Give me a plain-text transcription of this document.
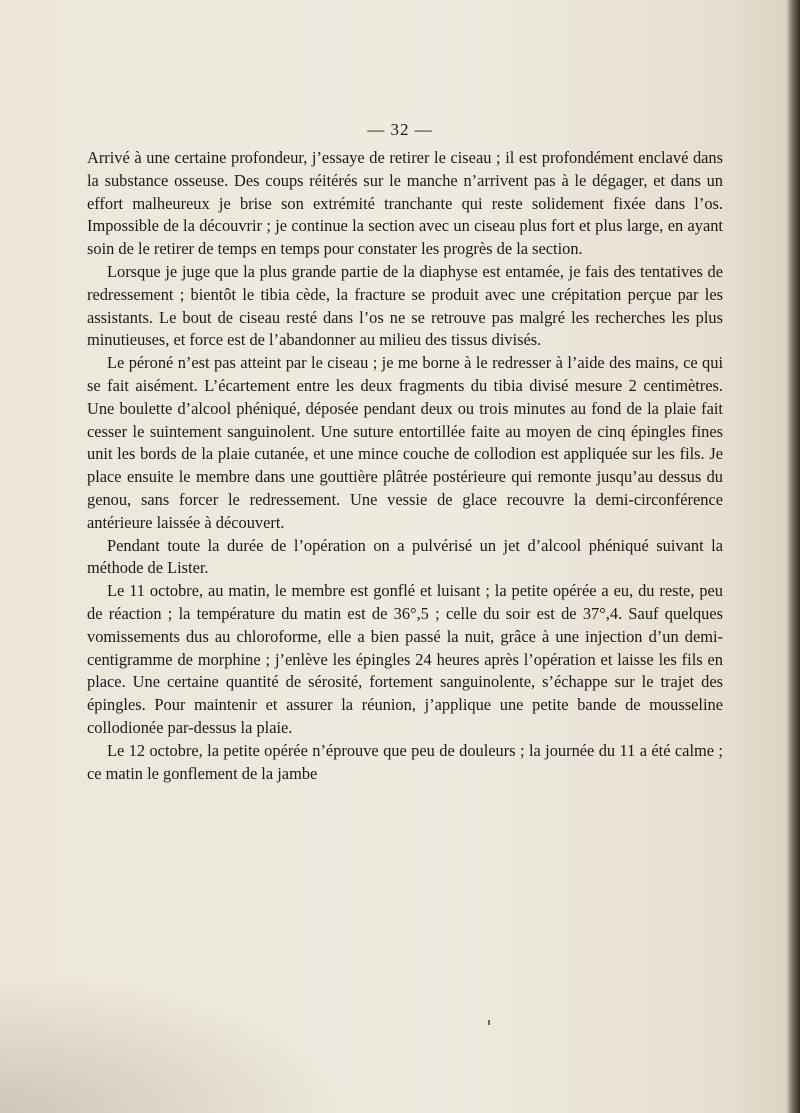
— 32 —

Arrivé à une certaine profondeur, j’essaye de retirer le ciseau ; il est profondément enclavé dans la substance osseuse. Des coups réitérés sur le manche n’arrivent pas à le dégager, et dans un effort malheureux je brise son extrémité tranchante qui reste solidement fixée dans l’os. Impossible de la découvrir ; je continue la section avec un ciseau plus fort et plus large, en ayant soin de le retirer de temps en temps pour constater les progrès de la section.

Lorsque je juge que la plus grande partie de la diaphyse est entamée, je fais des tentatives de redressement ; bientôt le tibia cède, la fracture se produit avec une crépitation perçue par les assistants. Le bout de ciseau resté dans l’os ne se retrouve pas malgré les recherches les plus minutieuses, et force est de l’abandonner au milieu des tissus divisés.

Le péroné n’est pas atteint par le ciseau ; je me borne à le redresser à l’aide des mains, ce qui se fait aisément. L’écartement entre les deux fragments du tibia divisé mesure 2 centimètres. Une boulette d’alcool phéniqué, déposée pendant deux ou trois minutes au fond de la plaie fait cesser le suintement sanguinolent. Une suture entortillée faite au moyen de cinq épingles fines unit les bords de la plaie cutanée, et une mince couche de collodion est appliquée sur les fils. Je place ensuite le membre dans une gouttière plâtrée postérieure qui remonte jusqu’au dessus du genou, sans forcer le redressement. Une vessie de glace recouvre la demi-circonférence antérieure laissée à découvert.

Pendant toute la durée de l’opération on a pulvérisé un jet d’alcool phéniqué suivant la méthode de Lister.

Le 11 octobre, au matin, le membre est gonflé et luisant ; la petite opérée a eu, du reste, peu de réaction ; la température du matin est de 36°,5 ; celle du soir est de 37°,4. Sauf quelques vomissements dus au chloroforme, elle a bien passé la nuit, grâce à une injection d’un demi-centigramme de morphine ; j’enlève les épingles 24 heures après l’opération et laisse les fils en place. Une certaine quantité de sérosité, fortement sanguinolente, s’échappe sur le trajet des épingles. Pour maintenir et assurer la réunion, j’applique une petite bande de mousseline collodionée par-dessus la plaie.

Le 12 octobre, la petite opérée n’éprouve que peu de douleurs ; la journée du 11 a été calme ; ce matin le gonflement de la jambe
